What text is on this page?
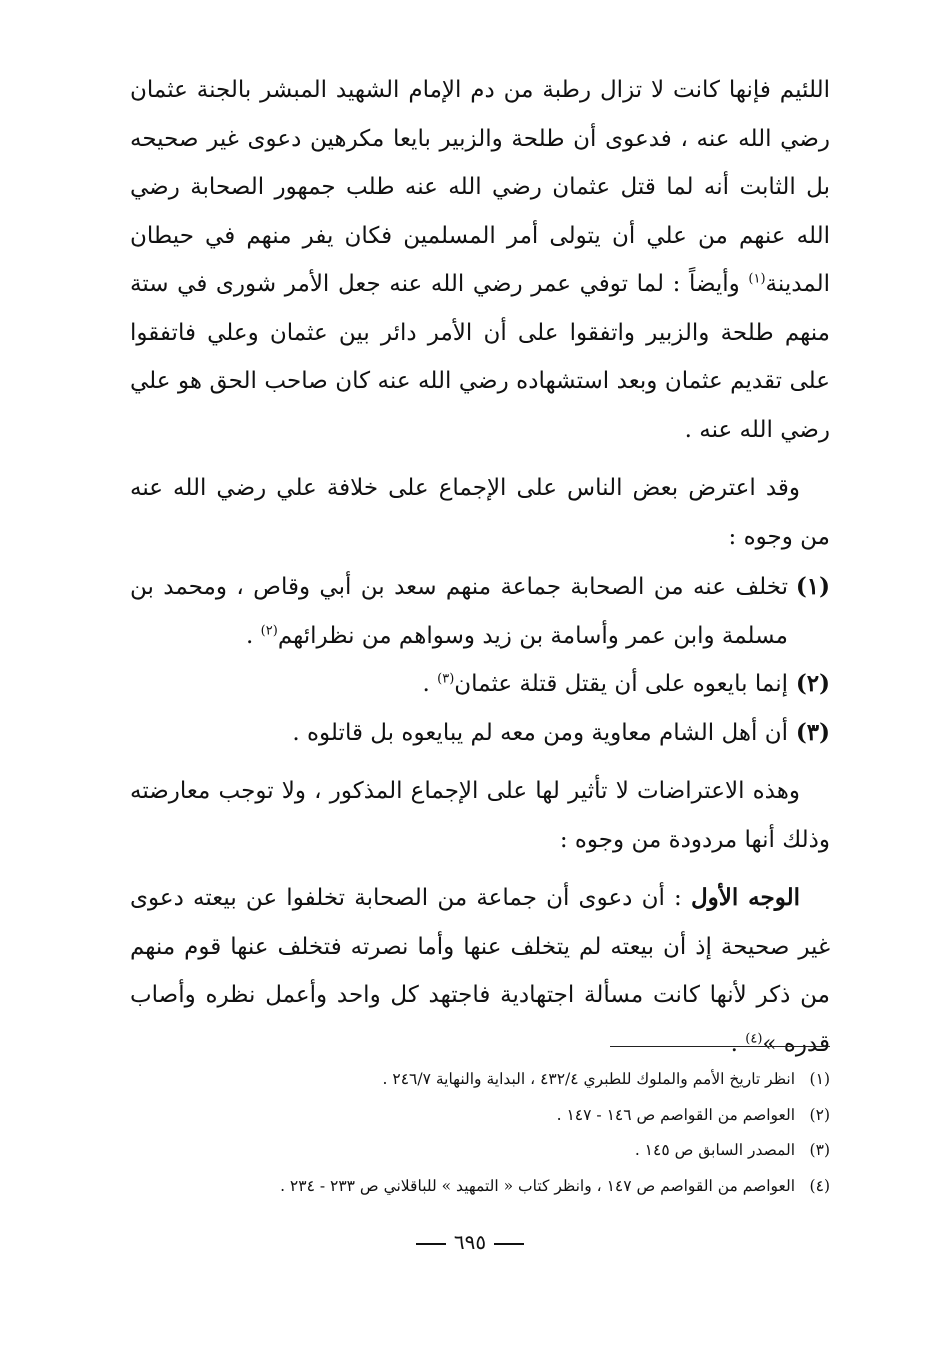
اللئيم فإنها كانت لا تزال رطبة من دم الإمام الشهيد المبشر بالجنة عثمان رضي الله عنه ، فدعوى أن طلحة والزبير بايعا مكرهين دعوى غير صحيحه بل الثابت أنه لما قتل عثمان رضي الله عنه طلب جمهور الصحابة رضي الله عنهم من علي أن يتولى أمر المسلمين فكان يفر منهم في حيطان المدينة$^{(١)}$ وأيضاً : لما توفي عمر رضي الله عنه جعل الأمر شورى في ستة منهم طلحة والزبير واتفقوا على أن الأمر دائر بين عثمان وعلي فاتفقوا على تقديم عثمان وبعد استشهاده رضي الله عنه كان صاحب الحق هو علي رضي الله عنه .

وقد اعترض بعض الناس على الإجماع على خلافة علي رضي الله عنه من وجوه :

(١)
تخلف عنه من الصحابة جماعة منهم سعد بن أبي وقاص ، ومحمد بن مسلمة وابن عمر وأسامة بن زيد وسواهم من نظرائهم$^{(٢)}$ .
(٢)
إنما بايعوه على أن يقتل قتلة عثمان$^{(٣)}$ .
(٣)
أن أهل الشام معاوية ومن معه لم يبايعوه بل قاتلوه .

وهذه الاعتراضات لا تأثير لها على الإجماع المذكور ، ولا توجب معارضته وذلك أنها مردودة من وجوه :

الوجه الأول : أن دعوى أن جماعة من الصحابة تخلفوا عن بيعته دعوى غير صحيحة إذ أن بيعته لم يتخلف عنها وأما نصرته فتخلف عنها قوم منهم من ذكر لأنها كانت مسألة اجتهادية فاجتهد كل واحد وأعمل نظره وأصاب قدره »$^{(٤)}$ .

(١) انظر تاريخ الأمم والملوك للطبري ٤٣٢/٤ ، البداية والنهاية ٢٤٦/٧ .
(٢) العواصم من القواصم ص ١٤٦ - ١٤٧ .
(٣) المصدر السابق ص ١٤٥ .
(٤) العواصم من القواصم ص ١٤٧ ، وانظر كتاب « التمهيد » للباقلاني ص ٢٣٣ - ٢٣٤ .
٦٩٥
